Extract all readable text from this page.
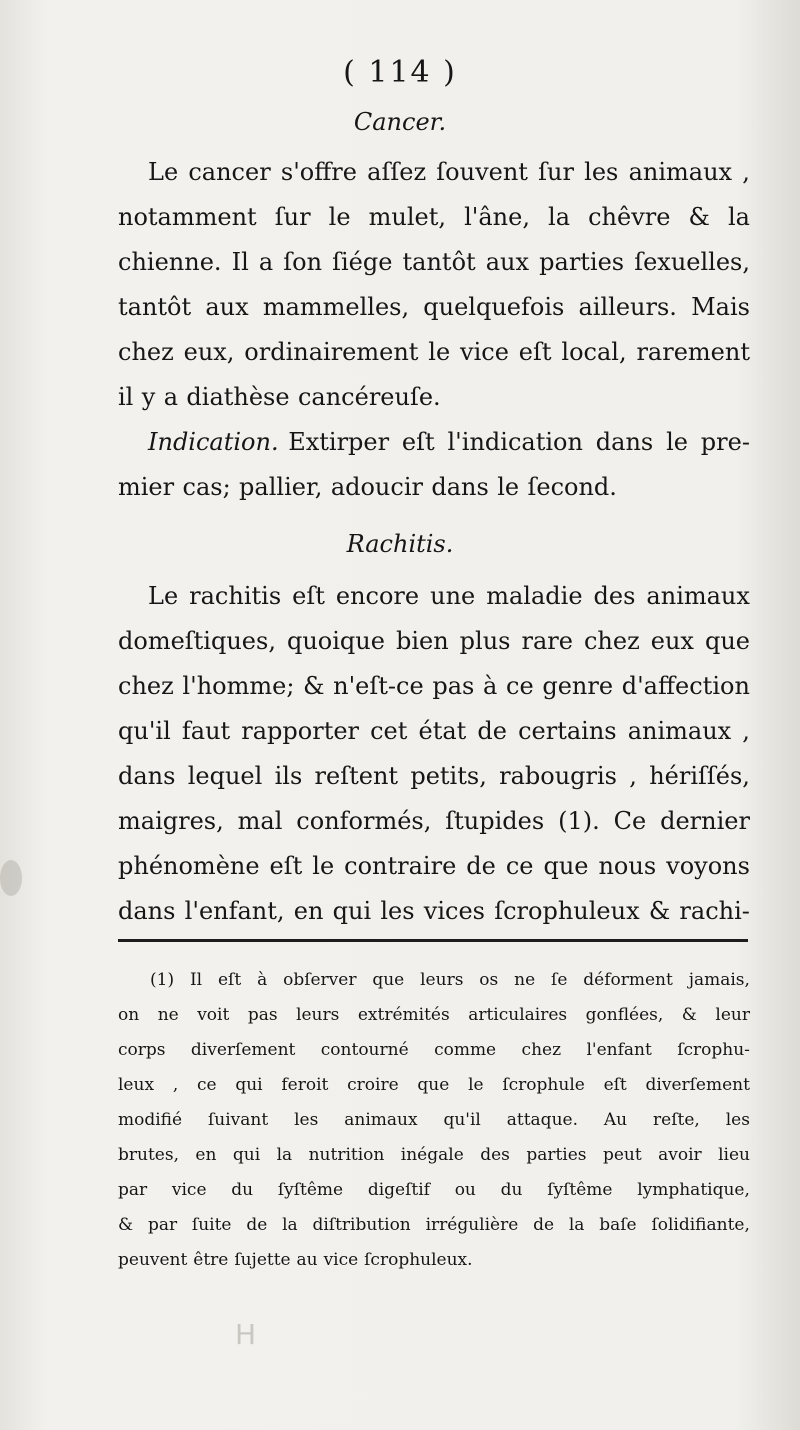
( 114 )
Cancer.
Le cancer s'offre aſſez ſouvent ſur les animaux ,
notamment ſur le mulet, l'âne, la chêvre & la
chienne. Il a ſon ſiége tantôt aux parties ſexuelles,
tantôt aux mammelles, quelquefois ailleurs. Mais
chez eux, ordinairement le vice eſt local, rarement
il y a diathèse cancéreuſe.
Indication. Extirper eſt l'indication dans le pre-
mier cas; pallier, adoucir dans le ſecond.
Rachitis.
Le rachitis eſt encore une maladie des animaux
domeſtiques, quoique bien plus rare chez eux que
chez l'homme; & n'eſt-ce pas à ce genre d'affection
qu'il faut rapporter cet état de certains animaux ,
dans lequel ils reſtent petits, rabougris , hériſſés,
maigres, mal conformés, ſtupides (1). Ce dernier
phénomène eſt le contraire de ce que nous voyons
dans l'enfant, en qui les vices ſcrophuleux & rachi-
(1) Il eſt à obſerver que leurs os ne ſe déforment jamais,
on ne voit pas leurs extrémités articulaires gonflées, & leur
corps diverſement contourné comme chez l'enfant ſcrophu-
leux , ce qui feroit croire que le ſcrophule eſt diverſement
modifié ſuivant les animaux qu'il attaque. Au reſte, les
brutes, en qui la nutrition inégale des parties peut avoir lieu
par vice du ſyſtême digeſtif ou du ſyſtême lymphatique,
& par ſuite de la diſtribution irrégulière de la baſe ſolidifiante,
peuvent être ſujette au vice ſcrophuleux.
H
